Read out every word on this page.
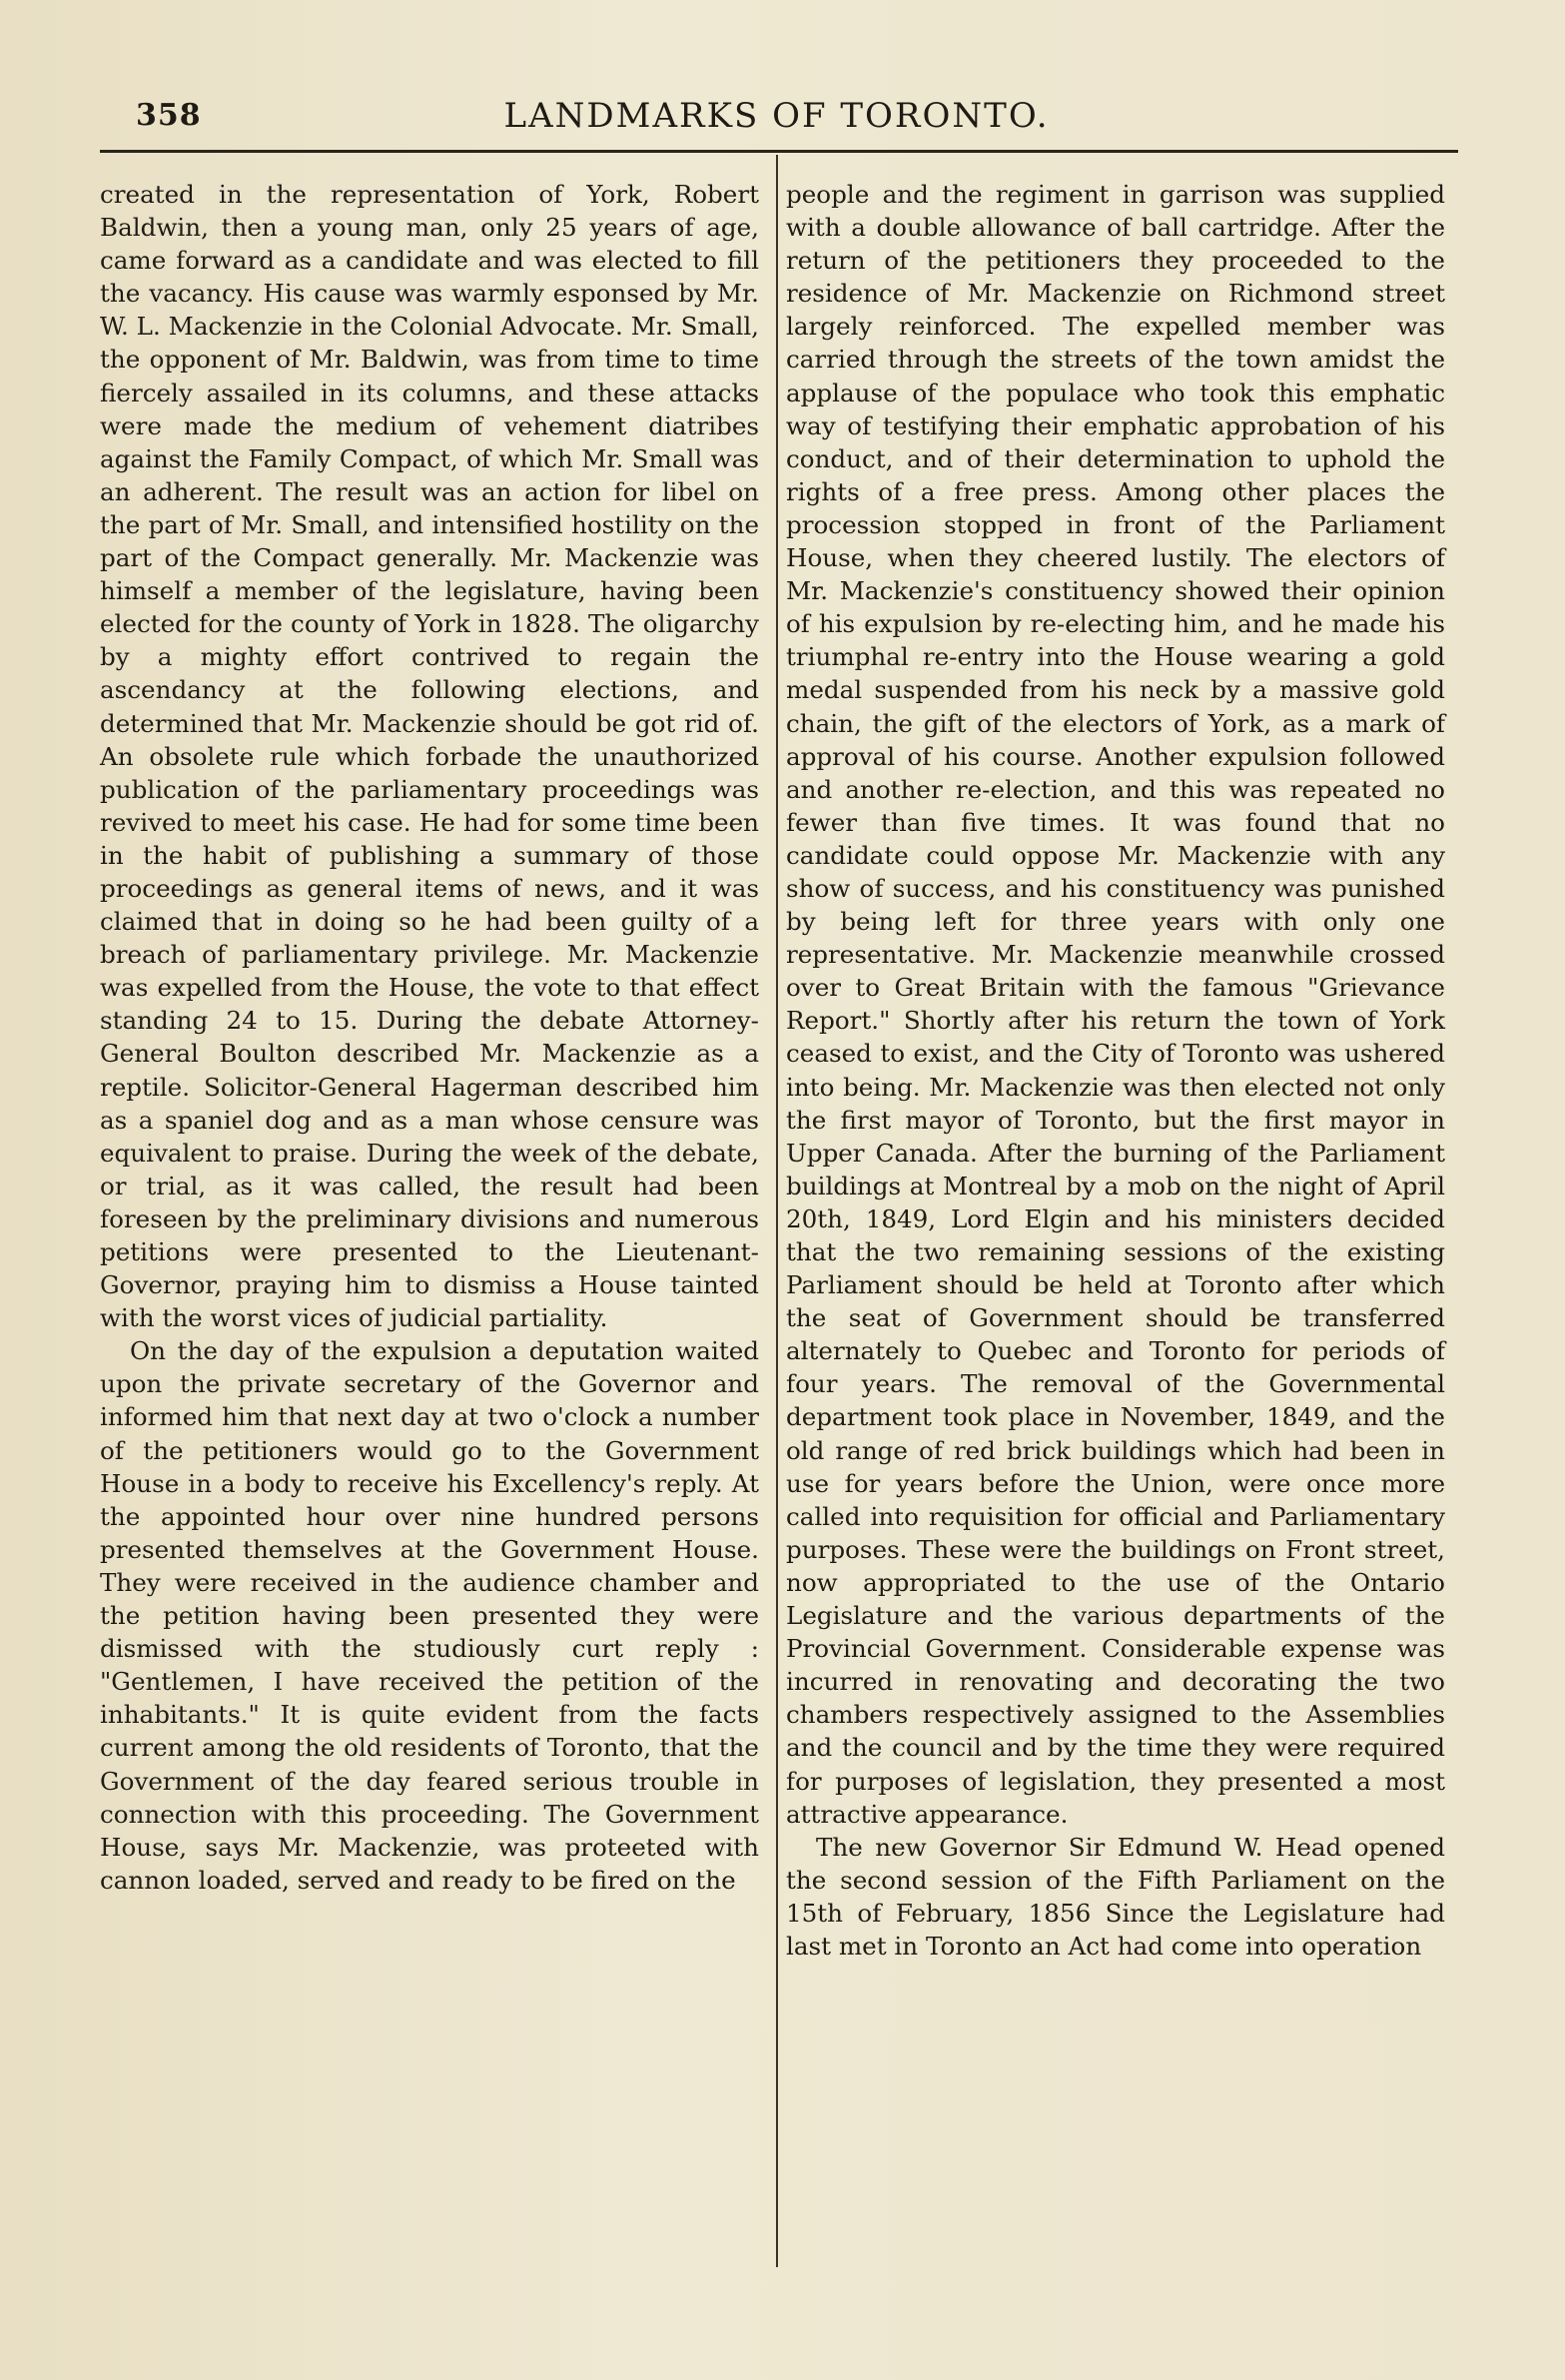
358	LANDMARKS OF TORONTO.

created in the representation of York, Robert Baldwin, then a young man, only 25 years of age, came forward as a candidate and was elected to fill the vacancy. His cause was warmly esponsed by Mr. W. L. Mackenzie in the Colonial Advocate. Mr. Small, the opponent of Mr. Baldwin, was from time to time fiercely assailed in its columns, and these attacks were made the medium of vehement diatribes against the Family Compact, of which Mr. Small was an adherent. The result was an action for libel on the part of Mr. Small, and intensified hostility on the part of the Compact generally. Mr. Mackenzie was himself a member of the legislature, having been elected for the county of York in 1828. The oligarchy by a mighty effort contrived to regain the ascendancy at the following elections, and determined that Mr. Mackenzie should be got rid of. An obsolete rule which forbade the unauthorized publication of the parliamentary proceedings was revived to meet his case. He had for some time been in the habit of publishing a summary of those proceedings as general items of news, and it was claimed that in doing so he had been guilty of a breach of parliamentary privilege. Mr. Mackenzie was expelled from the House, the vote to that effect standing 24 to 15. During the debate Attorney-General Boulton described Mr. Mackenzie as a reptile. Solicitor-General Hagerman described him as a spaniel dog and as a man whose censure was equivalent to praise. During the week of the debate, or trial, as it was called, the result had been foreseen by the preliminary divisions and numerous petitions were presented to the Lieutenant-Governor, praying him to dismiss a House tainted with the worst vices of judicial partiality.

On the day of the expulsion a deputation waited upon the private secretary of the Governor and informed him that next day at two o'clock a number of the petitioners would go to the Government House in a body to receive his Excellency's reply. At the appointed hour over nine hundred persons presented themselves at the Government House. They were received in the audience chamber and the petition having been presented they were dismissed with the studiously curt reply : "Gentlemen, I have received the petition of the inhabitants." It is quite evident from the facts current among the old residents of Toronto, that the Government of the day feared serious trouble in connection with this proceeding. The Government House, says Mr. Mackenzie, was proteeted with cannon loaded, served and ready to be fired on the

people and the regiment in garrison was supplied with a double allowance of ball cartridge. After the return of the petitioners they proceeded to the residence of Mr. Mackenzie on Richmond street largely reinforced. The expelled member was carried through the streets of the town amidst the applause of the populace who took this emphatic way of testifying their emphatic approbation of his conduct, and of their determination to uphold the rights of a free press. Among other places the procession stopped in front of the Parliament House, when they cheered lustily. The electors of Mr. Mackenzie's constituency showed their opinion of his expulsion by re-electing him, and he made his triumphal re-entry into the House wearing a gold medal suspended from his neck by a massive gold chain, the gift of the electors of York, as a mark of approval of his course. Another expulsion followed and another re-election, and this was repeated no fewer than five times. It was found that no candidate could oppose Mr. Mackenzie with any show of success, and his constituency was punished by being left for three years with only one representative. Mr. Mackenzie meanwhile crossed over to Great Britain with the famous "Grievance Report." Shortly after his return the town of York ceased to exist, and the City of Toronto was ushered into being. Mr. Mackenzie was then elected not only the first mayor of Toronto, but the first mayor in Upper Canada. After the burning of the Parliament buildings at Montreal by a mob on the night of April 20th, 1849, Lord Elgin and his ministers decided that the two remaining sessions of the existing Parliament should be held at Toronto after which the seat of Government should be transferred alternately to Quebec and Toronto for periods of four years. The removal of the Governmental department took place in November, 1849, and the old range of red brick buildings which had been in use for years before the Union, were once more called into requisition for official and Parliamentary purposes. These were the buildings on Front street, now appropriated to the use of the Ontario Legislature and the various departments of the Provincial Government. Considerable expense was incurred in renovating and decorating the two chambers respectively assigned to the Assemblies and the council and by the time they were required for purposes of legislation, they presented a most attractive appearance.

The new Governor Sir Edmund W. Head opened the second session of the Fifth Parliament on the 15th of February, 1856 Since the Legislature had last met in Toronto an Act had come into operation
